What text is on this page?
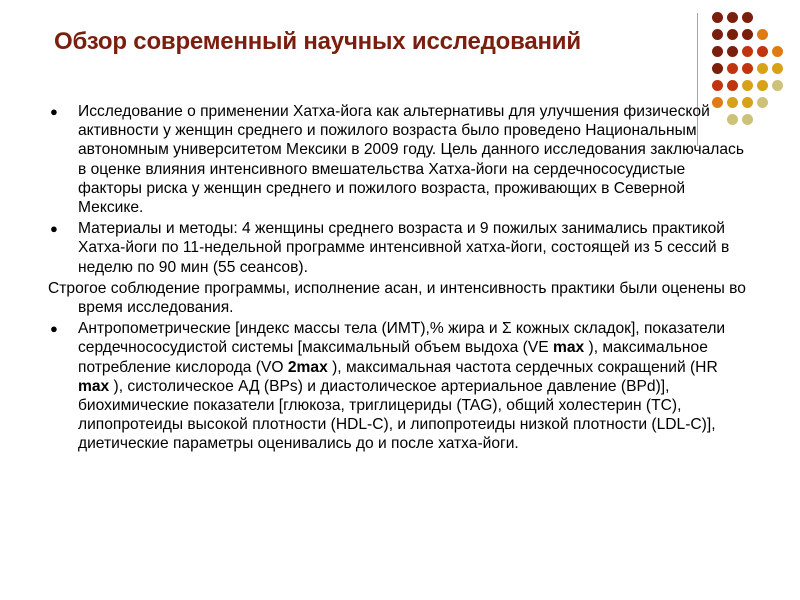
Обзор современный научных исследований
● Исследование о применении Хатха-йога как альтернативы для улучшения физической активности у женщин среднего и пожилого возраста было проведено Национальным автономным университетом Мексики в 2009 году. Цель данного исследования заключалась в оценке влияния интенсивного вмешательства Хатха-йоги на сердечнососудистые факторы риска у женщин среднего и пожилого возраста, проживающих в Северной Мексике.
● Материалы и методы: 4 женщины среднего возраста и 9 пожилых занимались практикой Хатха-йоги по 11-недельной программе интенсивной хатха-йоги, состоящей из 5 сессий в неделю по 90 мин (55 сеансов).
Строгое соблюдение программы, исполнение асан, и интенсивность практики были оценены во время исследования.
● Антропометрические [индекс массы тела (ИМТ),% жира и Σ кожных складок], показатели сердечнососудистой системы [максимальный объем выдоха (VE max ), максимальное потребление кислорода (VO 2max ), максимальная частота сердечных сокращений (HR max ), систолическое АД (BPs) и диастолическое артериальное давление (BPd)], биохимические показатели [глюкоза, триглицериды (TAG), общий холестерин (TC), липопротеиды высокой плотности (HDL-C), и липопротеиды низкой плотности (LDL-C)], диетические параметры оценивались до и после хатха-йоги.
